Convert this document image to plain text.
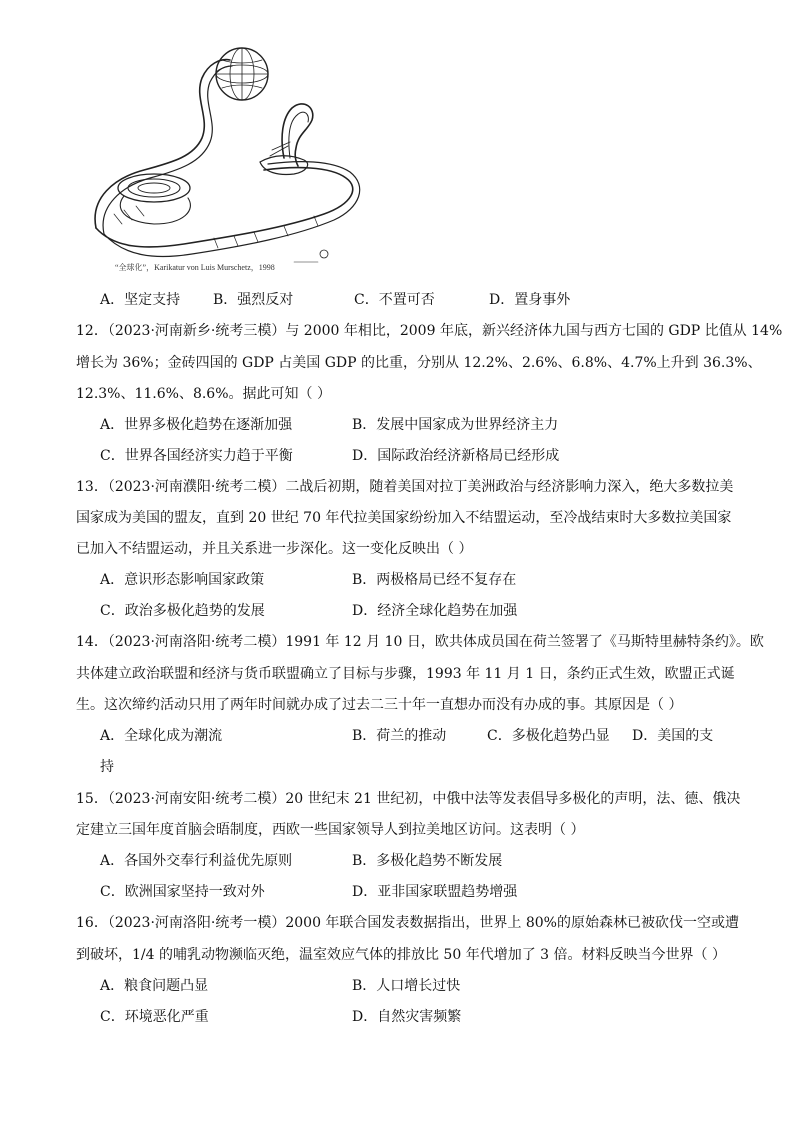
“全球化”，Karikatur von Luis Murschetz，1998
A．坚定支持 B．强烈反对	C．不置可否	D．置身事外
12．（2023·河南新乡·统考三模）与 2000 年相比，2009 年底，新兴经济体九国与西方七国的 GDP 比值从 14%
增长为 36%；金砖四国的 GDP 占美国 GDP 的比重，分别从 12.2%、2.6%、6.8%、4.7%上升到 36.3%、
12.3%、11.6%、8.6%。据此可知（ ）
A．世界多极化趋势在逐渐加强	B．发展中国家成为世界经济主力
C．世界各国经济实力趋于平衡	D．国际政治经济新格局已经形成
13．（2023·河南濮阳·统考二模）二战后初期，随着美国对拉丁美洲政治与经济影响力深入，绝大多数拉美
国家成为美国的盟友，直到 20 世纪 70 年代拉美国家纷纷加入不结盟运动，至冷战结束时大多数拉美国家
已加入不结盟运动，并且关系进一步深化。这一变化反映出（ ）
A．意识形态影响国家政策	B．两极格局已经不复存在
C．政治多极化趋势的发展	D．经济全球化趋势在加强
14．（2023·河南洛阳·统考二模）1991 年 12 月 10 日，欧共体成员国在荷兰签署了《马斯特里赫特条约》。欧
共体建立政治联盟和经济与货币联盟确立了目标与步骤，1993 年 11 月 1 日，条约正式生效，欧盟正式诞
生。这次缔约活动只用了两年时间就办成了过去二三十年一直想办而没有办成的事。其原因是（ ）
A．全球化成为潮流	B．荷兰的推动	C．多极化趋势凸显 D．美国的支
持
15．（2023·河南安阳·统考二模）20 世纪末 21 世纪初，中俄中法等发表倡导多极化的声明，法、德、俄决
定建立三国年度首脑会晤制度，西欧一些国家领导人到拉美地区访问。这表明（ ）
A．各国外交奉行利益优先原则	B．多极化趋势不断发展
C．欧洲国家坚持一致对外	D．亚非国家联盟趋势增强
16．（2023·河南洛阳·统考一模）2000 年联合国发表数据指出，世界上 80%的原始森林已被砍伐一空或遭
到破坏，1/4 的哺乳动物濒临灭绝，温室效应气体的排放比 50 年代增加了 3 倍。材料反映当今世界（ ）
A．粮食问题凸显	B．人口增长过快
C．环境恶化严重	D．自然灾害频繁
